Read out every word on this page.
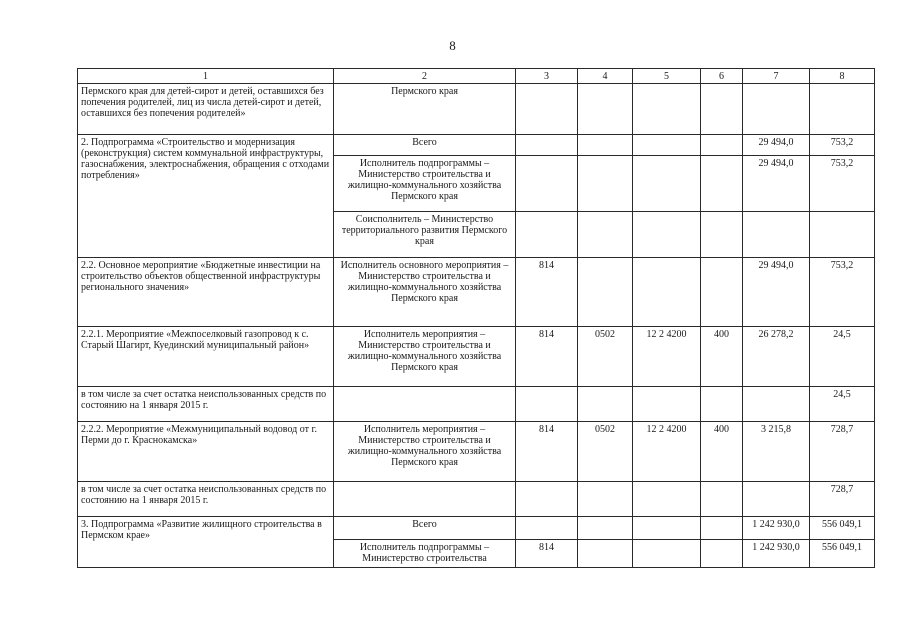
8
1	2	3	4	5	6	7	8
Пермского края для детей-сирот и детей, оставшихся без попечения родителей, лиц из числа детей-сирот и детей, оставшихся без попечения родителей»	Пермского края						
2. Подпрограмма «Строительство и модернизация (реконструкция) систем коммунальной инфраструктуры, газоснабжения, электроснабжения, обращения с отходами потребления»	Всего					29 494,0	753,2
	Исполнитель подпрограммы – Министерство строительства и жилищно-коммунального хозяйства Пермского края					29 494,0	753,2
	Соисполнитель – Министерство территориального развития Пермского края						
2.2. Основное мероприятие «Бюджетные инвестиции на строительство объектов общественной инфраструктуры регионального значения»	Исполнитель основного мероприятия – Министерство строительства и жилищно-коммунального хозяйства Пермского края	814				29 494,0	753,2
2.2.1. Мероприятие «Межпоселковый газопровод к с. Старый Шагирт, Куединский муниципальный район»	Исполнитель мероприятия – Министерство строительства и жилищно-коммунального хозяйства Пермского края	814	0502	12 2 4200	400	26 278,2	24,5
в том числе за счет остатка неиспользованных средств по состоянию на 1 января 2015 г.							24,5
2.2.2. Мероприятие «Межмуниципальный водовод от г. Перми до г. Краснокамска»	Исполнитель мероприятия – Министерство строительства и жилищно-коммунального хозяйства Пермского края	814	0502	12 2 4200	400	3 215,8	728,7
в том числе за счет остатка неиспользованных средств по состоянию на 1 января 2015 г.							728,7
3. Подпрограмма «Развитие жилищного строительства в Пермском крае»	Всего					1 242 930,0	556 049,1
	Исполнитель подпрограммы – Министерство строительства	814				1 242 930,0	556 049,1
